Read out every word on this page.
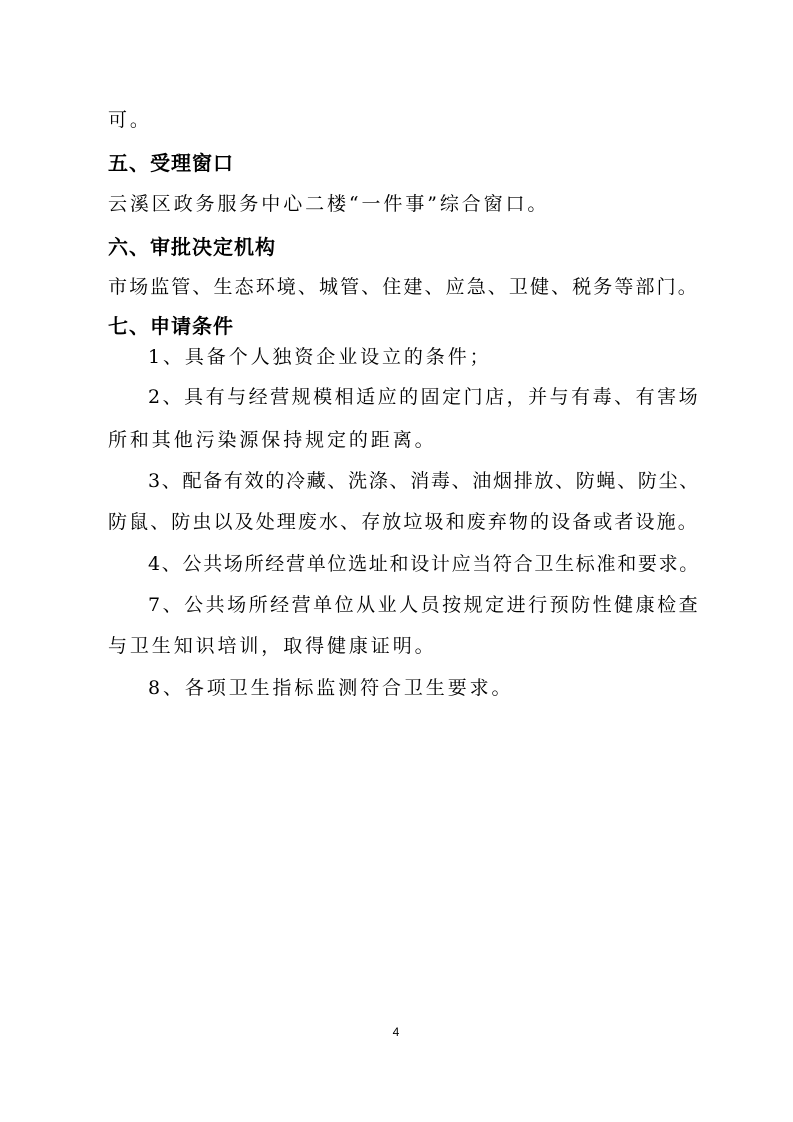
可。
五、受理窗口
云溪区政务服务中心二楼“一件事”综合窗口。
六、审批决定机构
市场监管、生态环境、城管、住建、应急、卫健、税务等部门。
七、申请条件
1、具备个人独资企业设立的条件；
2、具有与经营规模相适应的固定门店，并与有毒、有害场
所和其他污染源保持规定的距离。
3、配备有效的冷藏、洗涤、消毒、油烟排放、防蝇、防尘、
防鼠、防虫以及处理废水、存放垃圾和废弃物的设备或者设施。
4、公共场所经营单位选址和设计应当符合卫生标准和要求。
7、公共场所经营单位从业人员按规定进行预防性健康检查
与卫生知识培训，取得健康证明。
8、各项卫生指标监测符合卫生要求。
4
